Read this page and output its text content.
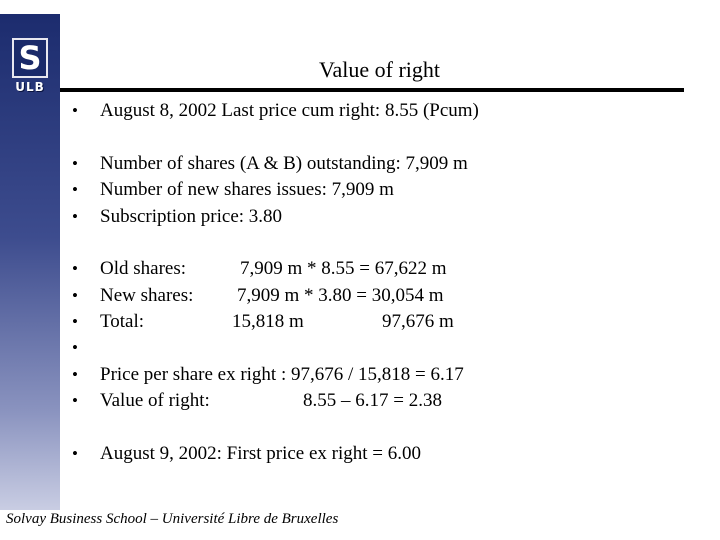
S
ULB
Value of right
•	August 8, 2002 Last price cum right: 8.55 (Pcum)
•	Number of shares (A & B) outstanding: 7,909 m
•	Number of new shares issues: 7,909 m
•	Subscription price: 3.80
•	Old shares:	7,909 m * 8.55 = 67,622 m
•	New shares: 7,909 m * 3.80 = 30,054 m
•	Total:	15,818 m	97,676 m
•
•	Price per share ex right : 97,676 / 15,818 = 6.17
•	Value of right:	8.55 – 6.17 = 2.38
•	August 9, 2002: First price ex right = 6.00
Solvay Business School – Université Libre de Bruxelles
